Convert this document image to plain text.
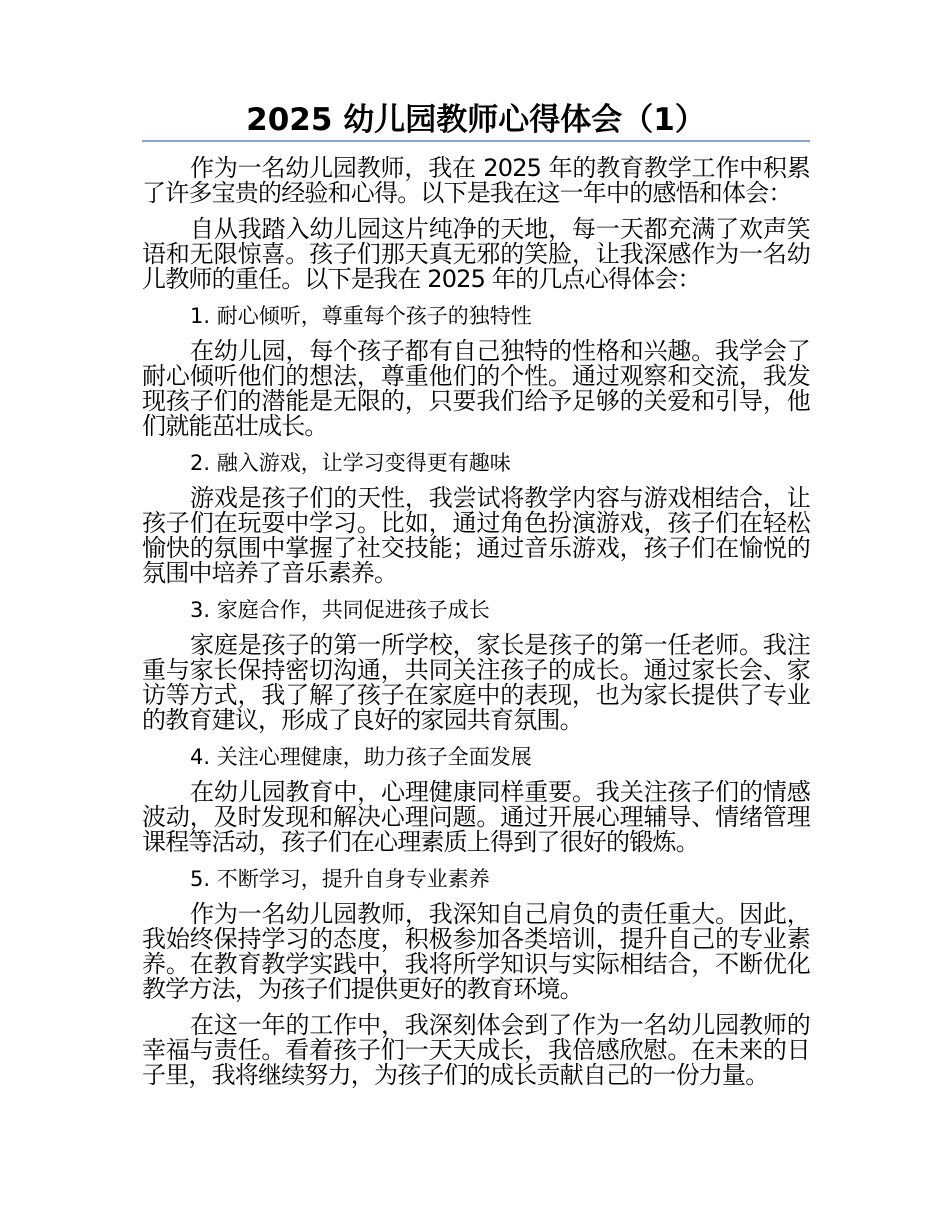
2025 幼儿园教师心得体会（1）

作为一名幼儿园教师，我在 2025 年的教育教学工作中积累了许多宝贵的经验和心得。以下是我在这一年中的感悟和体会：

自从我踏入幼儿园这片纯净的天地，每一天都充满了欢声笑语和无限惊喜。孩子们那天真无邪的笑脸，让我深感作为一名幼儿教师的重任。以下是我在 2025 年的几点心得体会：

1. 耐心倾听，尊重每个孩子的独特性

在幼儿园，每个孩子都有自己独特的性格和兴趣。我学会了耐心倾听他们的想法，尊重他们的个性。通过观察和交流，我发现孩子们的潜能是无限的，只要我们给予足够的关爱和引导，他们就能茁壮成长。

2. 融入游戏，让学习变得更有趣味

游戏是孩子们的天性，我尝试将教学内容与游戏相结合，让孩子们在玩耍中学习。比如，通过角色扮演游戏，孩子们在轻松愉快的氛围中掌握了社交技能；通过音乐游戏，孩子们在愉悦的氛围中培养了音乐素养。

3. 家庭合作，共同促进孩子成长

家庭是孩子的第一所学校，家长是孩子的第一任老师。我注重与家长保持密切沟通，共同关注孩子的成长。通过家长会、家访等方式，我了解了孩子在家庭中的表现，也为家长提供了专业的教育建议，形成了良好的家园共育氛围。

4. 关注心理健康，助力孩子全面发展

在幼儿园教育中，心理健康同样重要。我关注孩子们的情感波动，及时发现和解决心理问题。通过开展心理辅导、情绪管理课程等活动，孩子们在心理素质上得到了很好的锻炼。

5. 不断学习，提升自身专业素养

作为一名幼儿园教师，我深知自己肩负的责任重大。因此，我始终保持学习的态度，积极参加各类培训，提升自己的专业素养。在教育教学实践中，我将所学知识与实际相结合，不断优化教学方法，为孩子们提供更好的教育环境。

在这一年的工作中，我深刻体会到了作为一名幼儿园教师的幸福与责任。看着孩子们一天天成长，我倍感欣慰。在未来的日子里，我将继续努力，为孩子们的成长贡献自己的一份力量。
